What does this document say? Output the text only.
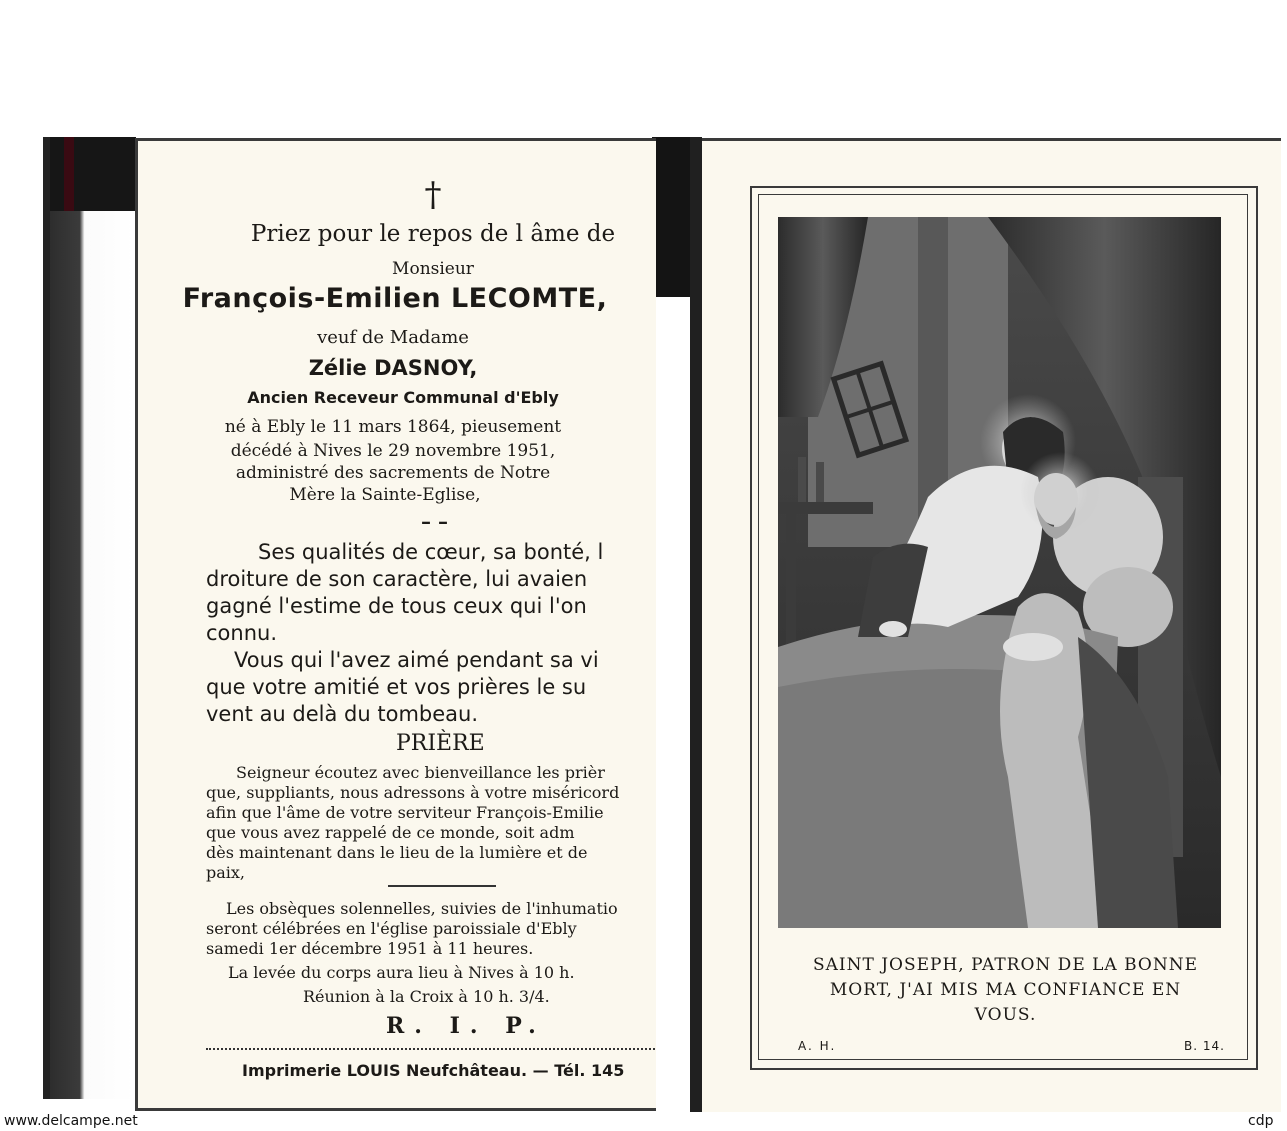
†
Priez pour le repos de l âme de
Monsieur
François-Emilien LECOMTE,
veuf de Madame
Zélie DASNOY,
Ancien Receveur Communal d'Ebly
né à Ebly le 11 mars 1864, pieusement
décédé à Nives le 29 novembre 1951,
administré des sacrements de Notre
Mère la Sainte-Eglise,
– –
Ses qualités de cœur, sa bonté, l
droiture de son caractère, lui avaien
gagné l'estime de tous ceux qui l'on
connu.
Vous qui l'avez aimé pendant sa vi
que votre amitié et vos prières le su
vent au delà du tombeau.
PRIÈRE
Seigneur écoutez avec bienveillance les prièr
que, suppliants, nous adressons à votre miséricord
afin que l'âme de votre serviteur François-Emilie
que vous avez rappelé de ce monde, soit adm
dès maintenant dans le lieu de la lumière et de
paix,
Les obsèques solennelles, suivies de l'inhumatio
seront célébrées en l'église paroissiale d'Ebly
samedi 1er décembre 1951 à 11 heures.
La levée du corps aura lieu à Nives à 10 h.
Réunion à la Croix à 10 h. 3/4.
R. I. P.
Imprimerie LOUIS Neufchâteau. — Tél. 145
SAINT JOSEPH, PATRON DE LA BONNE
MORT, J'AI MIS MA CONFIANCE EN
VOUS.
A. H.	B. 14.
www.delcampe.net	cdp
